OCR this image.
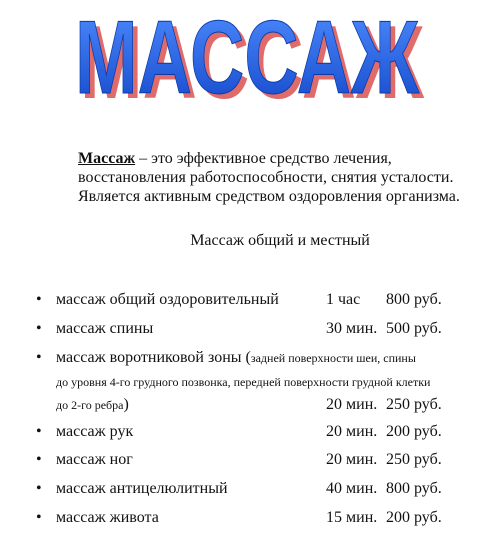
МАССАЖ
МАССАЖ
Массаж – это эффективное средство лечения,
восстановления работоспособности, снятия усталости.
Является активным средством оздоровления организма.
Массаж общий и местный
• массаж общий оздоровительный	1 час 800 руб.
• массаж спины	30 мин. 500 руб.
• массаж воротниковой зоны (задней поверхности шеи, спины
до уровня 4-го грудного позвонка, передней поверхности грудной клетки
до 2-го ребра)	20 мин. 250 руб.
• массаж рук	20 мин. 200 руб.
• массаж ног	20 мин. 250 руб.
• массаж антицелюлитный	40 мин. 800 руб.
• массаж живота	15 мин. 200 руб.
